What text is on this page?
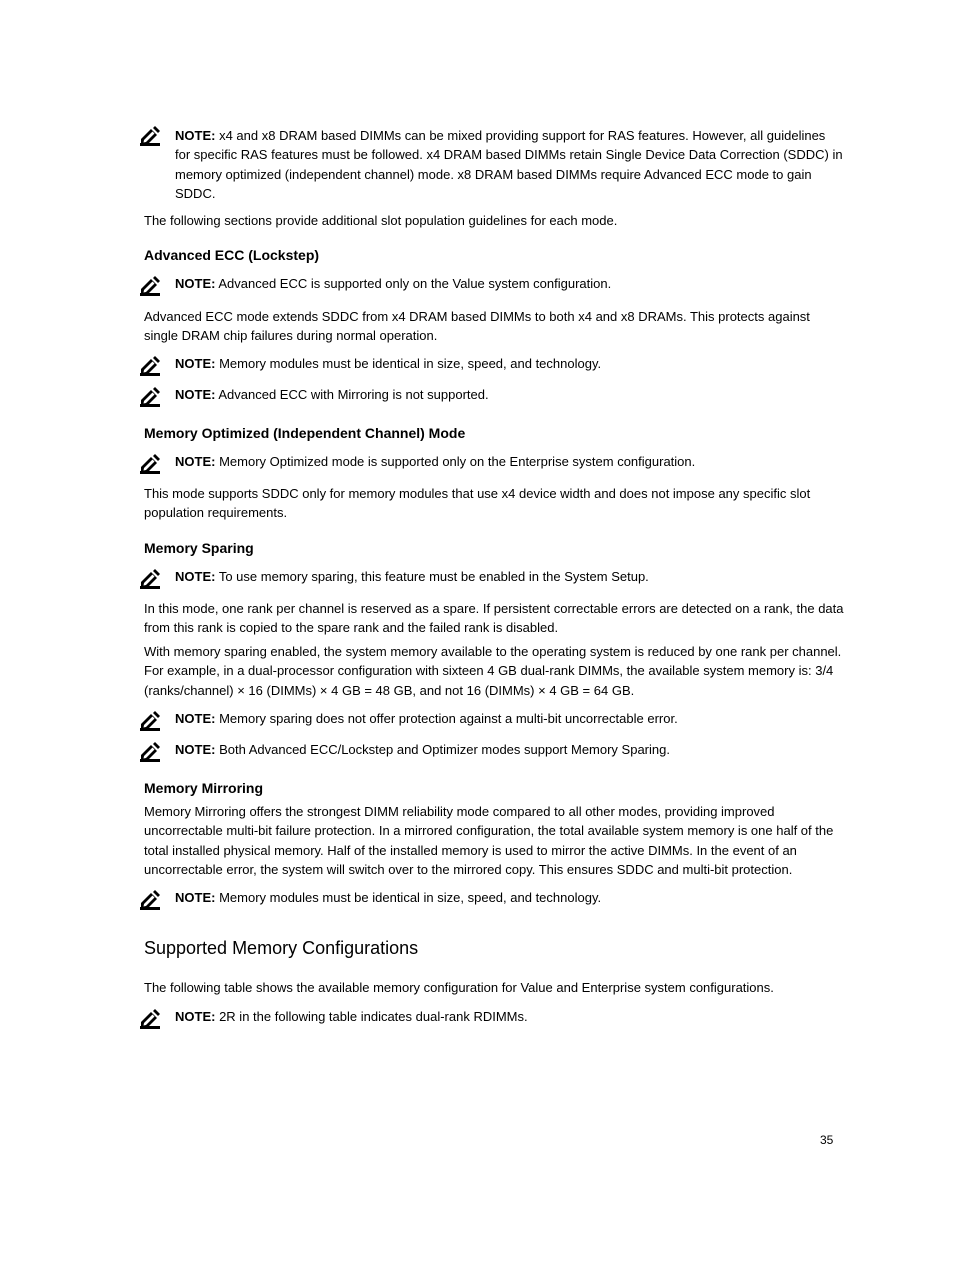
NOTE: x4 and x8 DRAM based DIMMs can be mixed providing support for RAS features. However, all guidelines for specific RAS features must be followed. x4 DRAM based DIMMs retain Single Device Data Correction (SDDC) in memory optimized (independent channel) mode. x8 DRAM based DIMMs require Advanced ECC mode to gain SDDC.
The following sections provide additional slot population guidelines for each mode.
Advanced ECC (Lockstep)
NOTE: Advanced ECC is supported only on the Value system configuration.
Advanced ECC mode extends SDDC from x4 DRAM based DIMMs to both x4 and x8 DRAMs. This protects against single DRAM chip failures during normal operation.
NOTE: Memory modules must be identical in size, speed, and technology.
NOTE: Advanced ECC with Mirroring is not supported.
Memory Optimized (Independent Channel) Mode
NOTE: Memory Optimized mode is supported only on the Enterprise system configuration.
This mode supports SDDC only for memory modules that use x4 device width and does not impose any specific slot population requirements.
Memory Sparing
NOTE: To use memory sparing, this feature must be enabled in the System Setup.
In this mode, one rank per channel is reserved as a spare. If persistent correctable errors are detected on a rank, the data from this rank is copied to the spare rank and the failed rank is disabled.
With memory sparing enabled, the system memory available to the operating system is reduced by one rank per channel. For example, in a dual-processor configuration with sixteen 4 GB dual-rank DIMMs, the available system memory is: 3/4 (ranks/channel) × 16 (DIMMs) × 4 GB = 48 GB, and not 16 (DIMMs) × 4 GB = 64 GB.
NOTE: Memory sparing does not offer protection against a multi-bit uncorrectable error.
NOTE: Both Advanced ECC/Lockstep and Optimizer modes support Memory Sparing.
Memory Mirroring
Memory Mirroring offers the strongest DIMM reliability mode compared to all other modes, providing improved uncorrectable multi-bit failure protection. In a mirrored configuration, the total available system memory is one half of the total installed physical memory. Half of the installed memory is used to mirror the active DIMMs. In the event of an uncorrectable error, the system will switch over to the mirrored copy. This ensures SDDC and multi-bit protection.
NOTE: Memory modules must be identical in size, speed, and technology.
Supported Memory Configurations
The following table shows the available memory configuration for Value and Enterprise system configurations.
NOTE: 2R in the following table indicates dual-rank RDIMMs.
35
